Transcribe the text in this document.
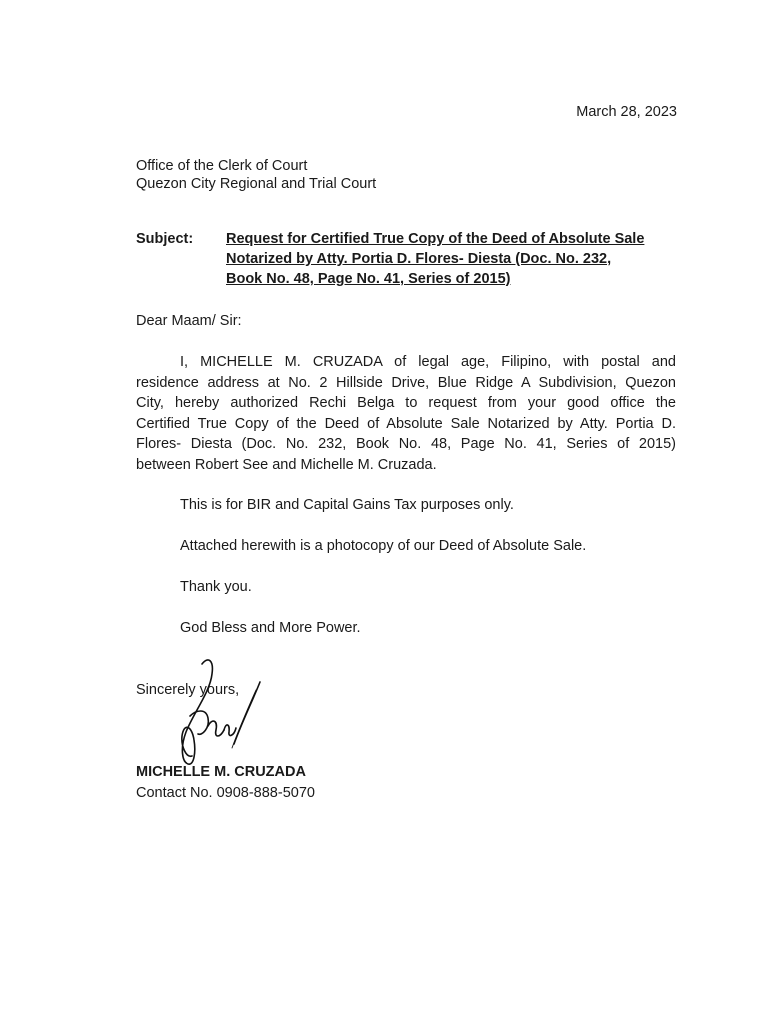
March 28, 2023
Office of the Clerk of Court
Quezon City Regional and Trial Court
Subject: Request for Certified True Copy of the Deed of Absolute Sale
Notarized by Atty. Portia D. Flores- Diesta (Doc. No. 232,
Book No. 48, Page No. 41, Series of 2015)
Dear Maam/ Sir:
I, MICHELLE M. CRUZADA of legal age, Filipino, with postal and
residence address at No. 2 Hillside Drive, Blue Ridge A Subdivision, Quezon
City, hereby authorized Rechi Belga to request from your good office the
Certified True Copy of the Deed of Absolute Sale Notarized by Atty. Portia D.
Flores- Diesta (Doc. No. 232, Book No. 48, Page No. 41, Series of 2015)
between Robert See and Michelle M. Cruzada.
This is for BIR and Capital Gains Tax purposes only.
Attached herewith is a photocopy of our Deed of Absolute Sale.
Thank you.
God Bless and More Power.
Sincerely yours,
MICHELLE M. CRUZADA
Contact No. 0908-888-5070
